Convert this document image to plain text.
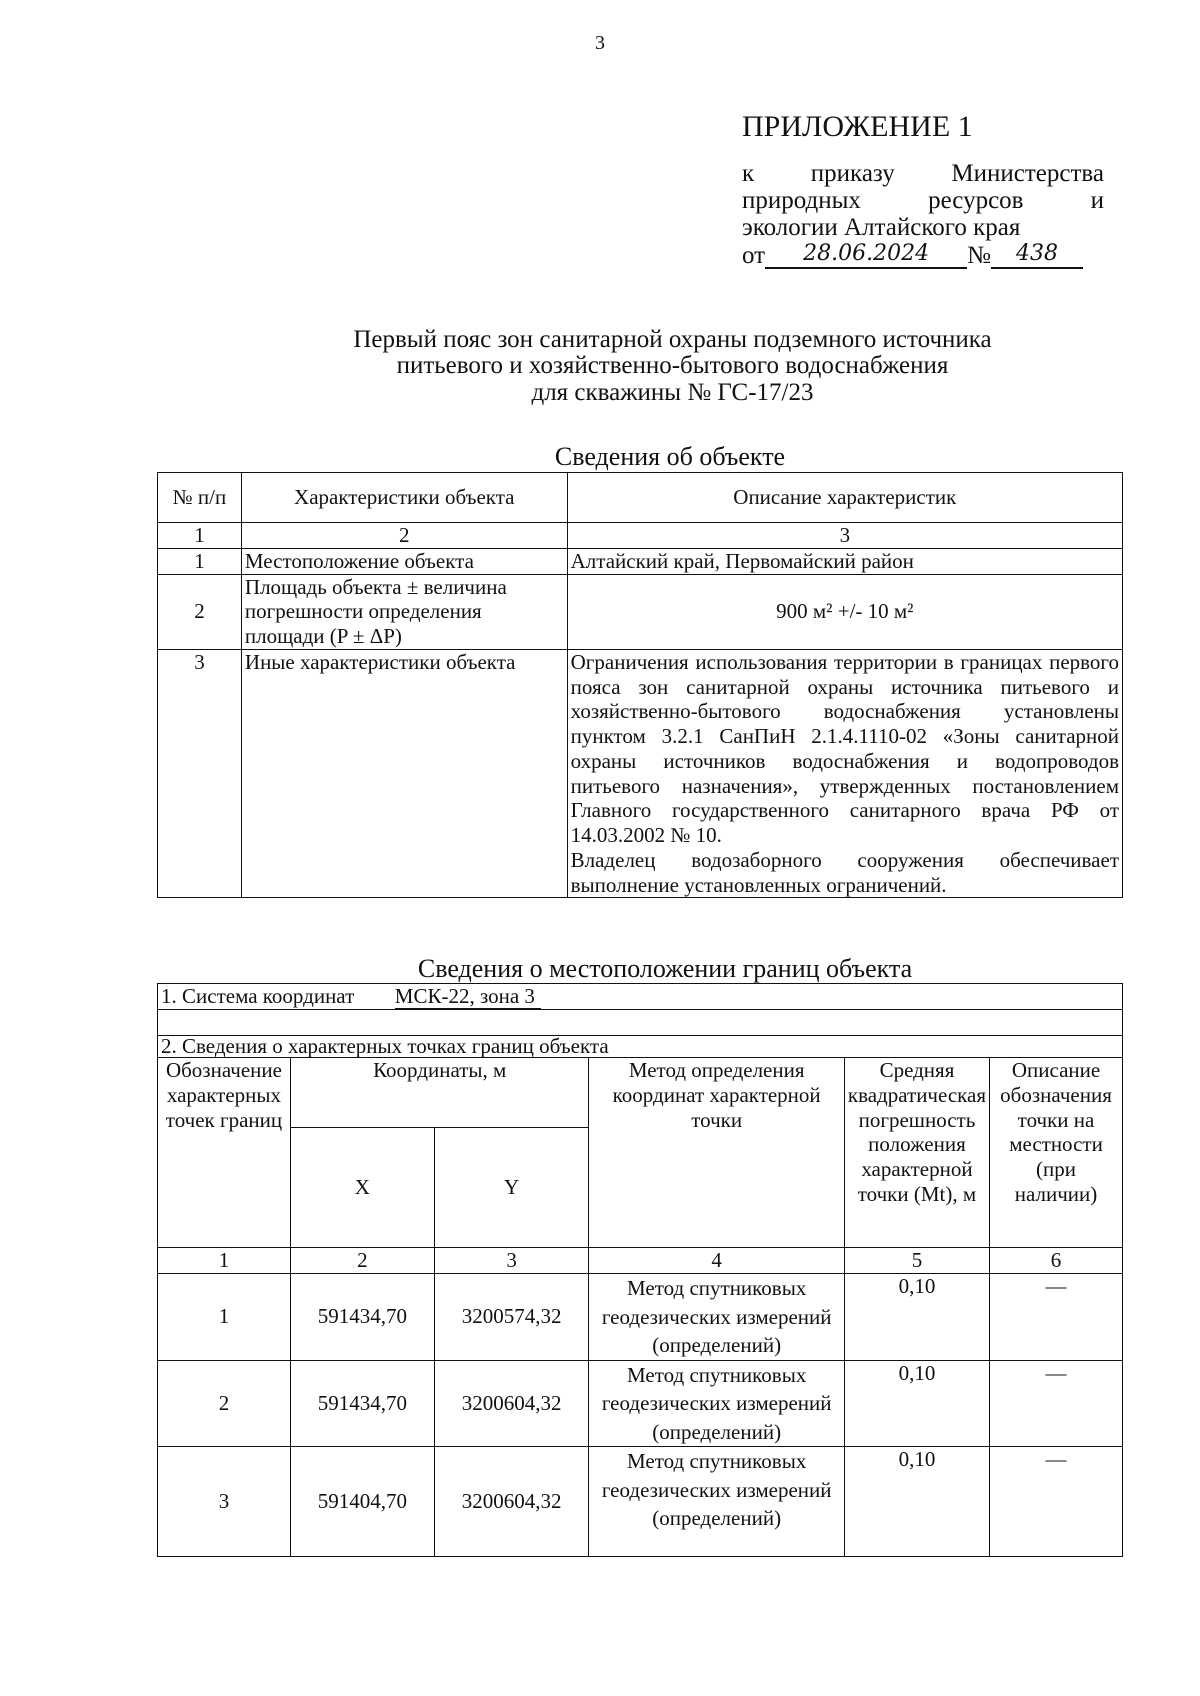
3
ПРИЛОЖЕНИЕ 1
к приказу Министерства
природных	ресурсов	и
экологии Алтайского края
от	28.06.2024	№	438
Первый пояс зон санитарной охраны подземного источника
питьевого и хозяйственно-бытового водоснабжения
для скважины № ГС-17/23
Сведения об объекте
№ п/п	Характеристики объекта	Описание характеристик
1	2	3
1	Местоположение объекта	Алтайский край, Первомайский район
2	Площадь объекта ± величина погрешности определения площади (P ± ΔP)	900 м² +/- 10 м²
3	Иные характеристики объекта	Ограничения использования территории в границах первого пояса зон санитарной охраны источника питьевого и хозяйственно-бытового водоснабжения установлены пунктом 3.2.1 СанПиН 2.1.4.1110-02 «Зоны санитарной охраны источников водоснабжения и водопроводов питьевого назначения», утвержденных постановлением Главного государственного санитарного врача РФ от 14.03.2002 № 10.
Владелец водозаборного сооружения обеспечивает выполнение установленных ограничений.
Сведения о местоположении границ объекта
1. Система координат МСК-22, зона 3					

2. Сведения о характерных точках границ объекта					
Обозначение характерных точек границ	Координаты, м		Метод определения координат характерной точки	Средняя квадратическая погрешность положения характерной точки (Mt), м	Описание обозначения точки на местности (при наличии)
	X	Y			
1	2	3	4	5	6
1	591434,70	3200574,32	Метод спутниковых геодезических измерений (определений)	0,10	—
2	591434,70	3200604,32	Метод спутниковых геодезических измерений (определений)	0,10	—
3	591404,70	3200604,32	Метод спутниковых геодезических измерений (определений)	0,10	—
